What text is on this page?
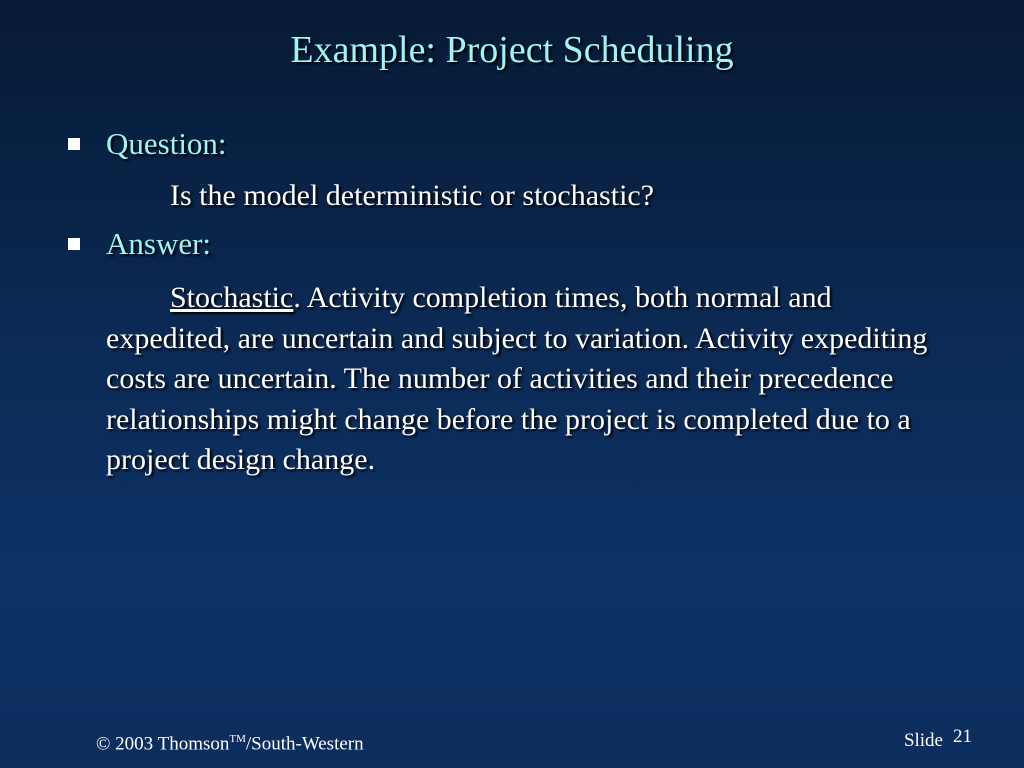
Example: Project Scheduling
Question:
Is the model deterministic or stochastic?
Answer:
Stochastic. Activity completion times, both normal and expedited, are uncertain and subject to variation. Activity expediting costs are uncertain. The number of activities and their precedence relationships might change before the project is completed due to a project design change.
© 2003 Thomson™/South-Western	Slide 21
